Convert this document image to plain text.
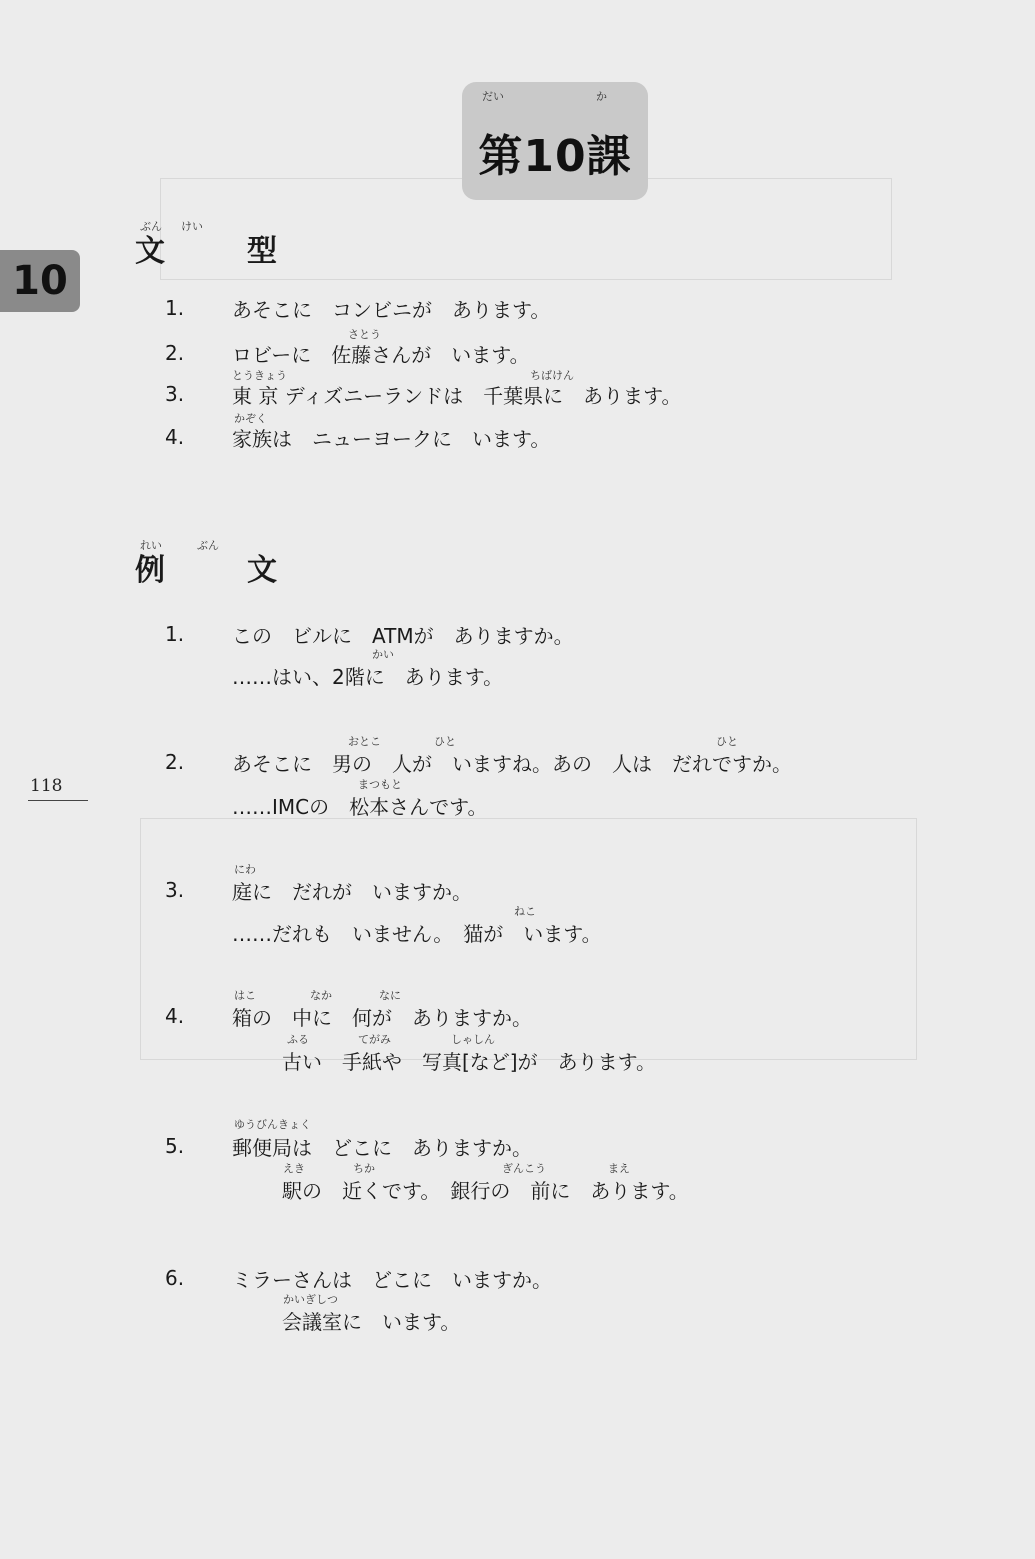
だい	か
第10課
10
118
ぶん けい
文　型
1. あそこに　コンビニが　あります。
さとう
2. ロビーに　佐藤さんが　います。
とうきょう	ちばけん
3. 東 京 ディズニーランドは　千葉県に　あります。
かぞく
4. 家族は　ニューヨークに　います。
れい	ぶん
例　文
1. この　ビルに　ATMが　ありますか。
かい
……はい、2階に　あります。
おとこ	ひと	ひと
2. あそこに　男の　人が　いますね。あの　人は　だれですか。
まつもと
……IMCの　松本さんです。
にわ
3. 庭に　だれが　いますか。
ねこ
……だれも　いません。　猫が　います。
はこ	なか	なに
4. 箱の　中に　何が　ありますか。
ふる	てがみ	しゃしん
古い　手紙や　写真[など]が　あります。
ゆうびんきょく
5. 郵便局は　どこに　ありますか。
えき	ちか	ぎんこう	まえ
駅の　近くです。　銀行の　前に　あります。
6. ミラーさんは　どこに　いますか。
かいぎしつ
会議室に　います。
